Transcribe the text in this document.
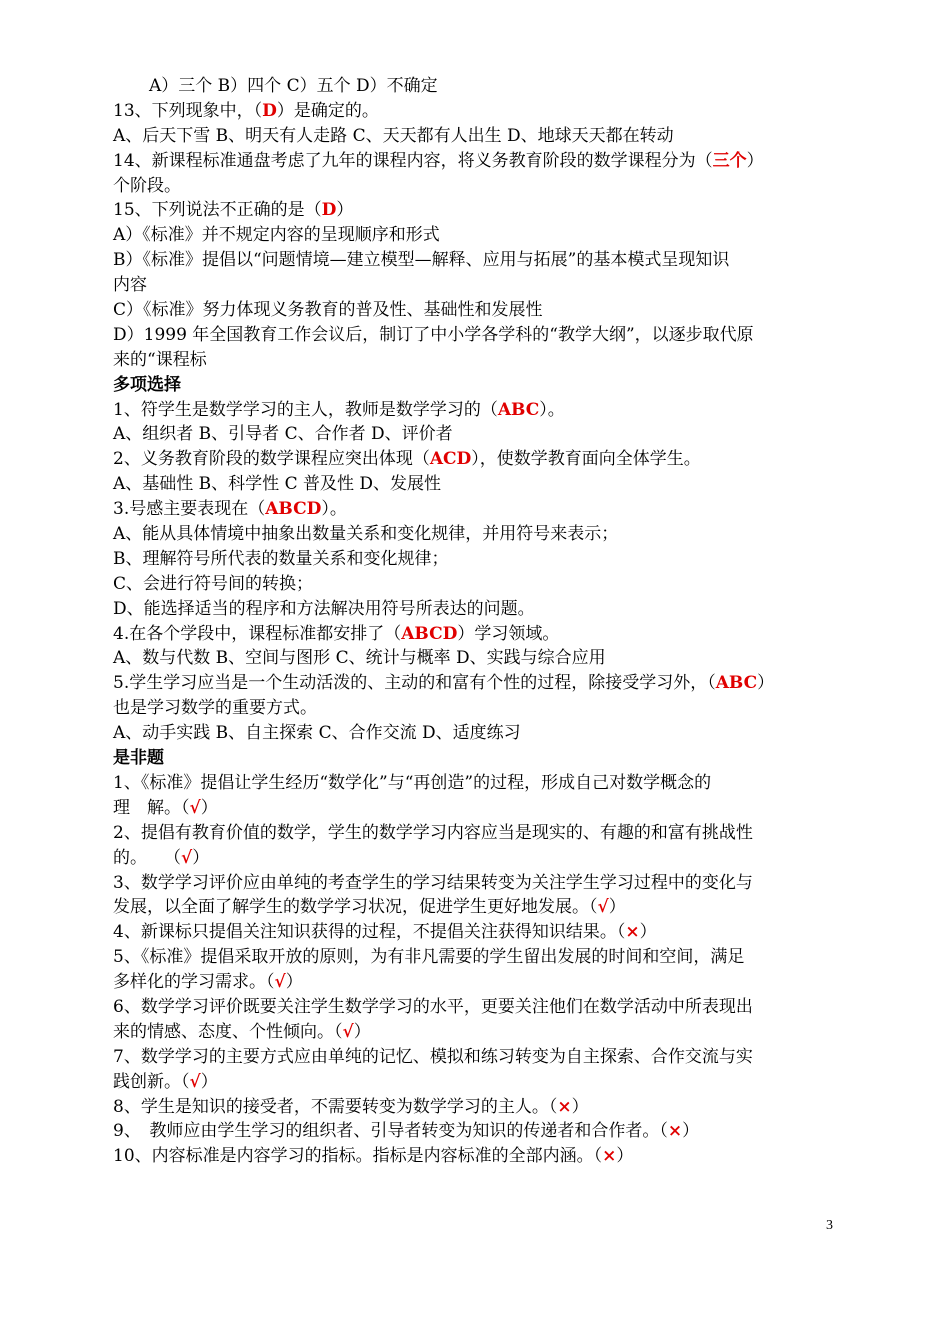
A）三个 B）四个 C）五个 D）不确定
13、下列现象中，（D）是确定的。
A、后天下雪 B、明天有人走路 C、天天都有人出生 D、地球天天都在转动
14、新课程标准通盘考虑了九年的课程内容，将义务教育阶段的数学课程分为（三个）
个阶段。
15、下列说法不正确的是（D）
A）《标准》并不规定内容的呈现顺序和形式
B）《标准》提倡以“问题情境—建立模型—解释、应用与拓展”的基本模式呈现知识
内容
C）《标准》努力体现义务教育的普及性、基础性和发展性
D）1999 年全国教育工作会议后，制订了中小学各学科的“教学大纲”，以逐步取代原
来的“课程标
多项选择
1、符学生是数学学习的主人，教师是数学学习的（ABC）。
A、组织者 B、引导者 C、合作者 D、评价者
2、义务教育阶段的数学课程应突出体现（ACD），使数学教育面向全体学生。
A、基础性 B、科学性 C 普及性 D、发展性
3.号感主要表现在（ABCD）。
A、能从具体情境中抽象出数量关系和变化规律，并用符号来表示；
B、理解符号所代表的数量关系和变化规律；
C、会进行符号间的转换；
D、能选择适当的程序和方法解决用符号所表达的问题。
4.在各个学段中，课程标准都安排了（ABCD）学习领域。
A、数与代数 B、空间与图形 C、统计与概率 D、实践与综合应用
5.学生学习应当是一个生动活泼的、主动的和富有个性的过程，除接受学习外，（ABC）
也是学习数学的重要方式。
A、动手实践 B、自主探索 C、合作交流 D、适度练习
是非题
1、《标准》提倡让学生经历“数学化”与“再创造”的过程，形成自己对数学概念的
理　解。（√）
2、提倡有教育价值的数学，学生的数学学习内容应当是现实的、有趣的和富有挑战性
的。　　（√）
3、数学学习评价应由单纯的考查学生的学习结果转变为关注学生学习过程中的变化与
发展，以全面了解学生的数学学习状况，促进学生更好地发展。（√）
4、新课标只提倡关注知识获得的过程，不提倡关注获得知识结果。（×）
5、《标准》提倡采取开放的原则，为有非凡需要的学生留出发展的时间和空间，满足
多样化的学习需求。（√）
6、数学学习评价既要关注学生数学学习的水平，更要关注他们在数学活动中所表现出
来的情感、态度、个性倾向。（√）
7、数学学习的主要方式应由单纯的记忆、模拟和练习转变为自主探索、合作交流与实
践创新。（√）
8、学生是知识的接受者，不需要转变为数学学习的主人。（×）
9、　教师应由学生学习的组织者、引导者转变为知识的传递者和合作者。（×）
10、内容标准是内容学习的指标。指标是内容标准的全部内涵。（×）
3
